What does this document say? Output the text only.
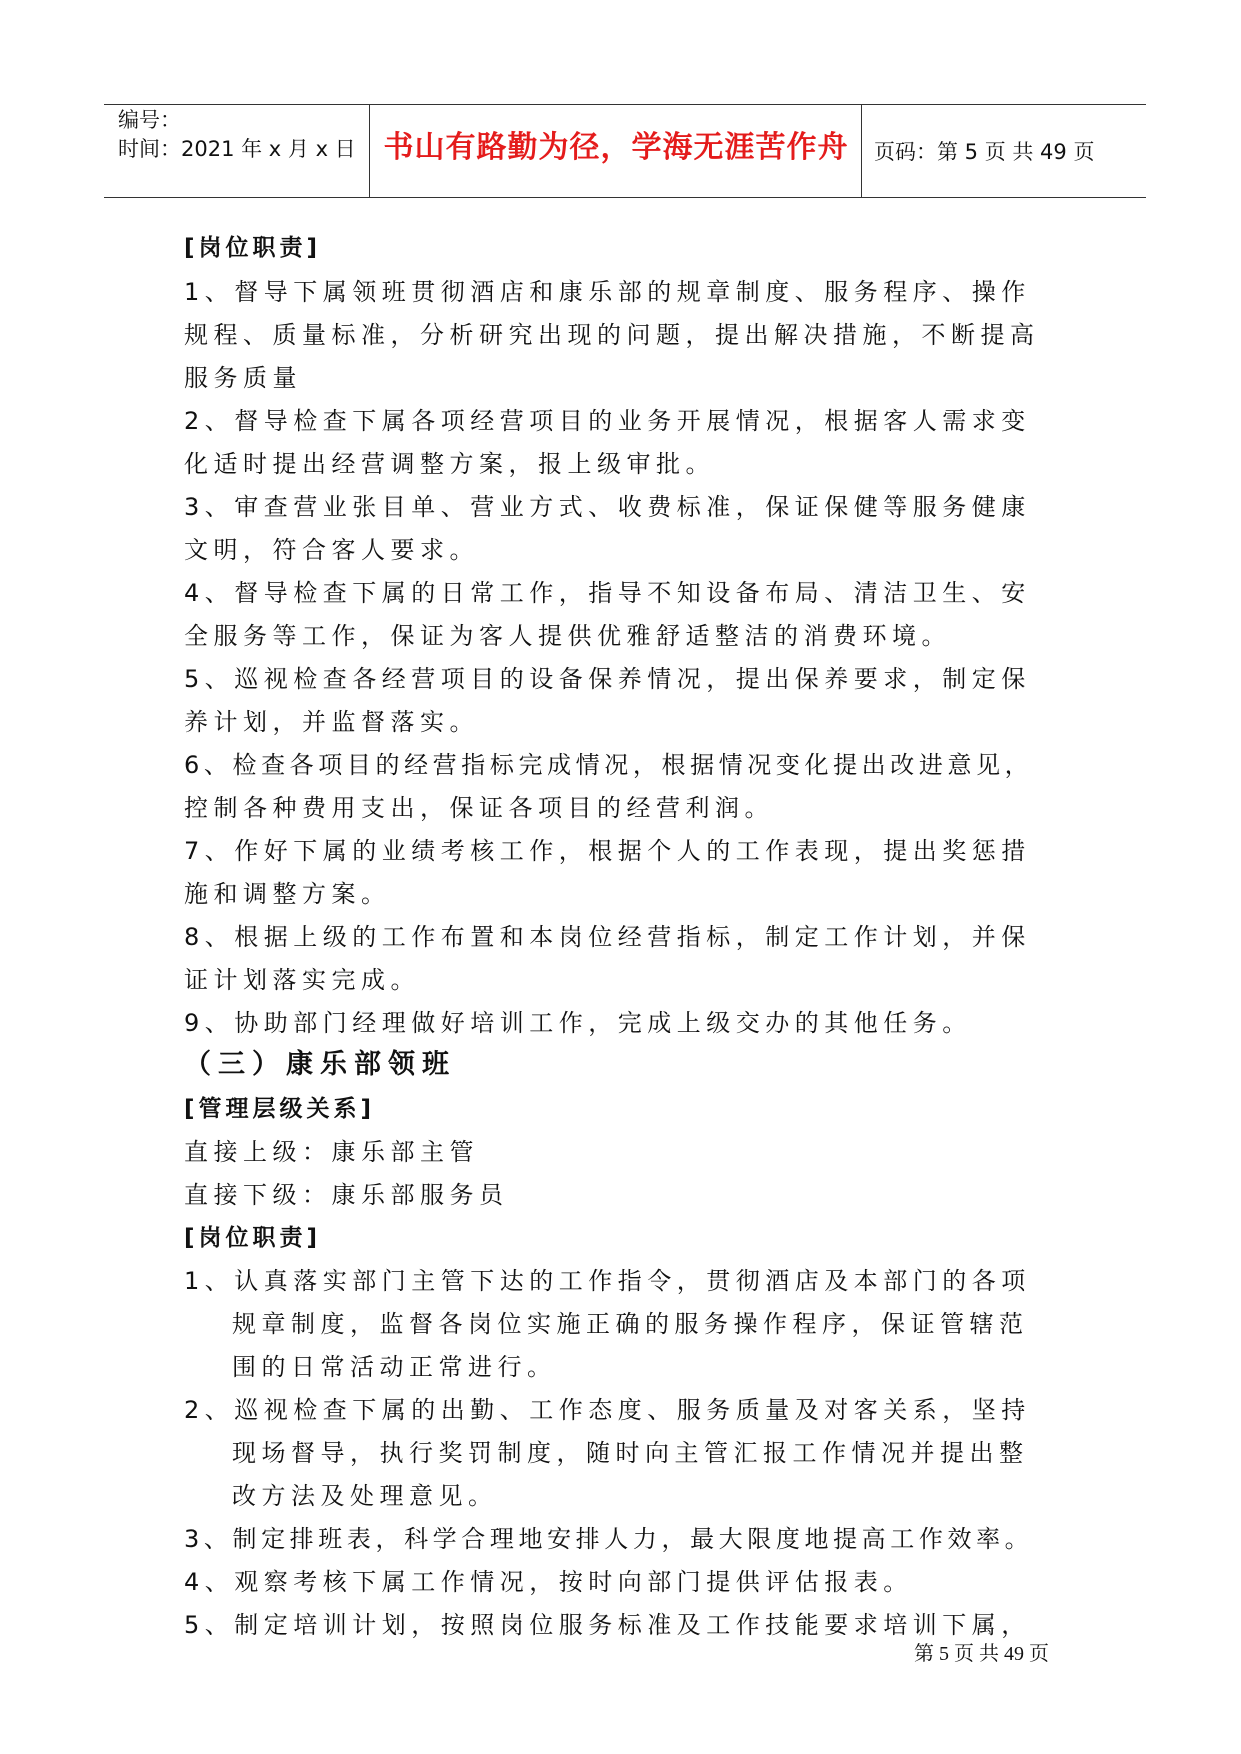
编号：
时间：2021 年 x 月 x 日 书山有路勤为径，学海无涯苦作舟	页码：第 5 页 共 49 页
[岗位职责]
1、督导下属领班贯彻酒店和康乐部的规章制度、服务程序、操作
规程、质量标准，分析研究出现的问题，提出解决措施，不断提高
服务质量
2、督导检查下属各项经营项目的业务开展情况，根据客人需求变
化适时提出经营调整方案，报上级审批。
3、审查营业张目单、营业方式、收费标准，保证保健等服务健康
文明，符合客人要求。
4、督导检查下属的日常工作，指导不知设备布局、清洁卫生、安
全服务等工作，保证为客人提供优雅舒适整洁的消费环境。
5、巡视检查各经营项目的设备保养情况，提出保养要求，制定保
养计划，并监督落实。
6、检查各项目的经营指标完成情况，根据情况变化提出改进意见，
控制各种费用支出，保证各项目的经营利润。
7、作好下属的业绩考核工作，根据个人的工作表现，提出奖惩措
施和调整方案。
8、根据上级的工作布置和本岗位经营指标，制定工作计划，并保
证计划落实完成。
9、协助部门经理做好培训工作，完成上级交办的其他任务。
（三）康乐部领班
[管理层级关系]
直接上级：康乐部主管
直接下级：康乐部服务员
[岗位职责]
1、认真落实部门主管下达的工作指令，贯彻酒店及本部门的各项
规章制度，监督各岗位实施正确的服务操作程序，保证管辖范
围的日常活动正常进行。
2、巡视检查下属的出勤、工作态度、服务质量及对客关系，坚持
现场督导，执行奖罚制度，随时向主管汇报工作情况并提出整
改方法及处理意见。
3、制定排班表，科学合理地安排人力，最大限度地提高工作效率。
4、观察考核下属工作情况，按时向部门提供评估报表。
5、制定培训计划，按照岗位服务标准及工作技能要求培训下属，
第 5 页 共 49 页
